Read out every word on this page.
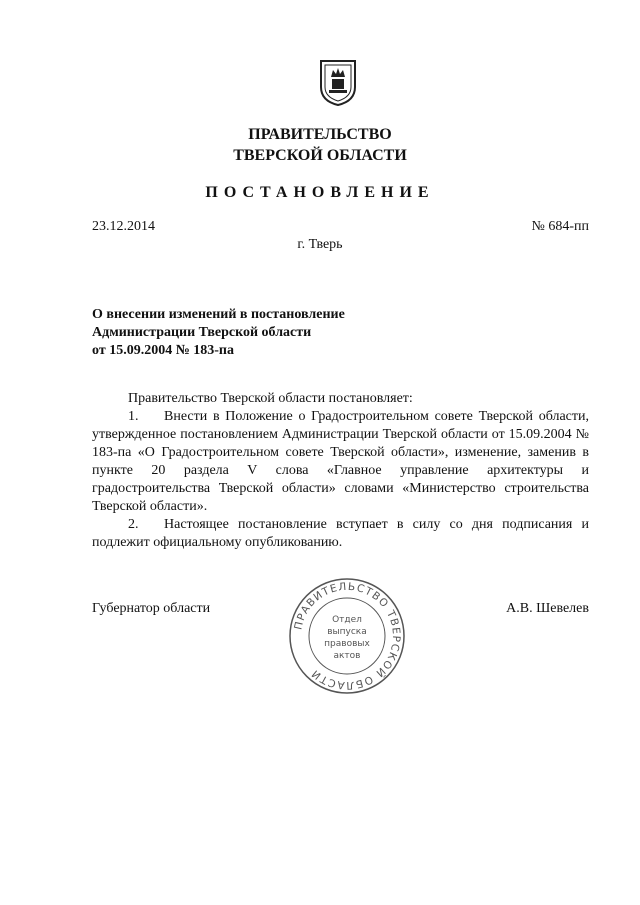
ПРАВИТЕЛЬСТВО
ТВЕРСКОЙ ОБЛАСТИ
ПОСТАНОВЛЕНИЕ
23.12.2014	№ 684-пп
г. Тверь
О внесении изменений в постановление
Администрации Тверской области
от 15.09.2004 № 183-па

Правительство Тверской области постановляет:

1. Внести в Положение о Градостроительном совете Тверской области, утвержденное постановлением Администрации Тверской области от 15.09.2004 № 183-па «О Градостроительном совете Тверской области», изменение, заменив в пункте 20 раздела V слова «Главное управление архитектуры и градостроительства Тверской области» словами «Министерство строительства Тверской области».

2. Настоящее постановление вступает в силу со дня подписания и подлежит официальному опубликованию.

Губернатор области	А.В. Шевелев
ПРАВИТЕЛЬСТВО ТВЕРСКОЙ ОБЛАСТИ
Отдел
выпуска
правовых
актов
